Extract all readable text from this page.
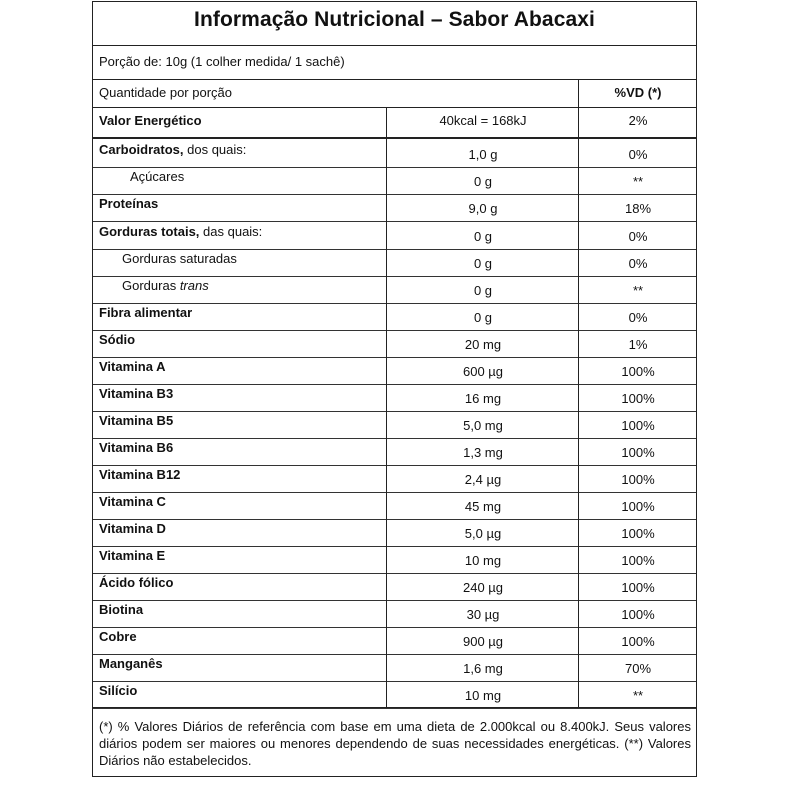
Informação Nutricional – Sabor Abacaxi
Porção de: 10g (1 colher medida/ 1 sachê)
Quantidade por porção	%VD (*)
Valor Energético	40kcal = 168kJ	2%
(*) % Valores Diários de referência com base em uma dieta de 2.000kcal ou 8.400kJ. Seus valores diários podem ser maiores ou menores dependendo de suas necessidades energéticas. (**) Valores Diários não estabelecidos.
Carboidratos, dos quais:	1,0 g	0%
Açúcares	0 g	**
Proteínas	9,0 g	18%
Gorduras totais, das quais:	0 g	0%
Gorduras saturadas	0 g	0%
Gorduras trans	0 g	**
Fibra alimentar	0 g	0%
Sódio	20 mg	1%
Vitamina A	600 µg	100%
Vitamina B3	16 mg	100%
Vitamina B5	5,0 mg	100%
Vitamina B6	1,3 mg	100%
Vitamina B12	2,4 µg	100%
Vitamina C	45 mg	100%
Vitamina D	5,0 µg	100%
Vitamina E	10 mg	100%
Ácido fólico	240 µg	100%
Biotina	30 µg	100%
Cobre	900 µg	100%
Manganês	1,6 mg	70%
Silício	10 mg	**
